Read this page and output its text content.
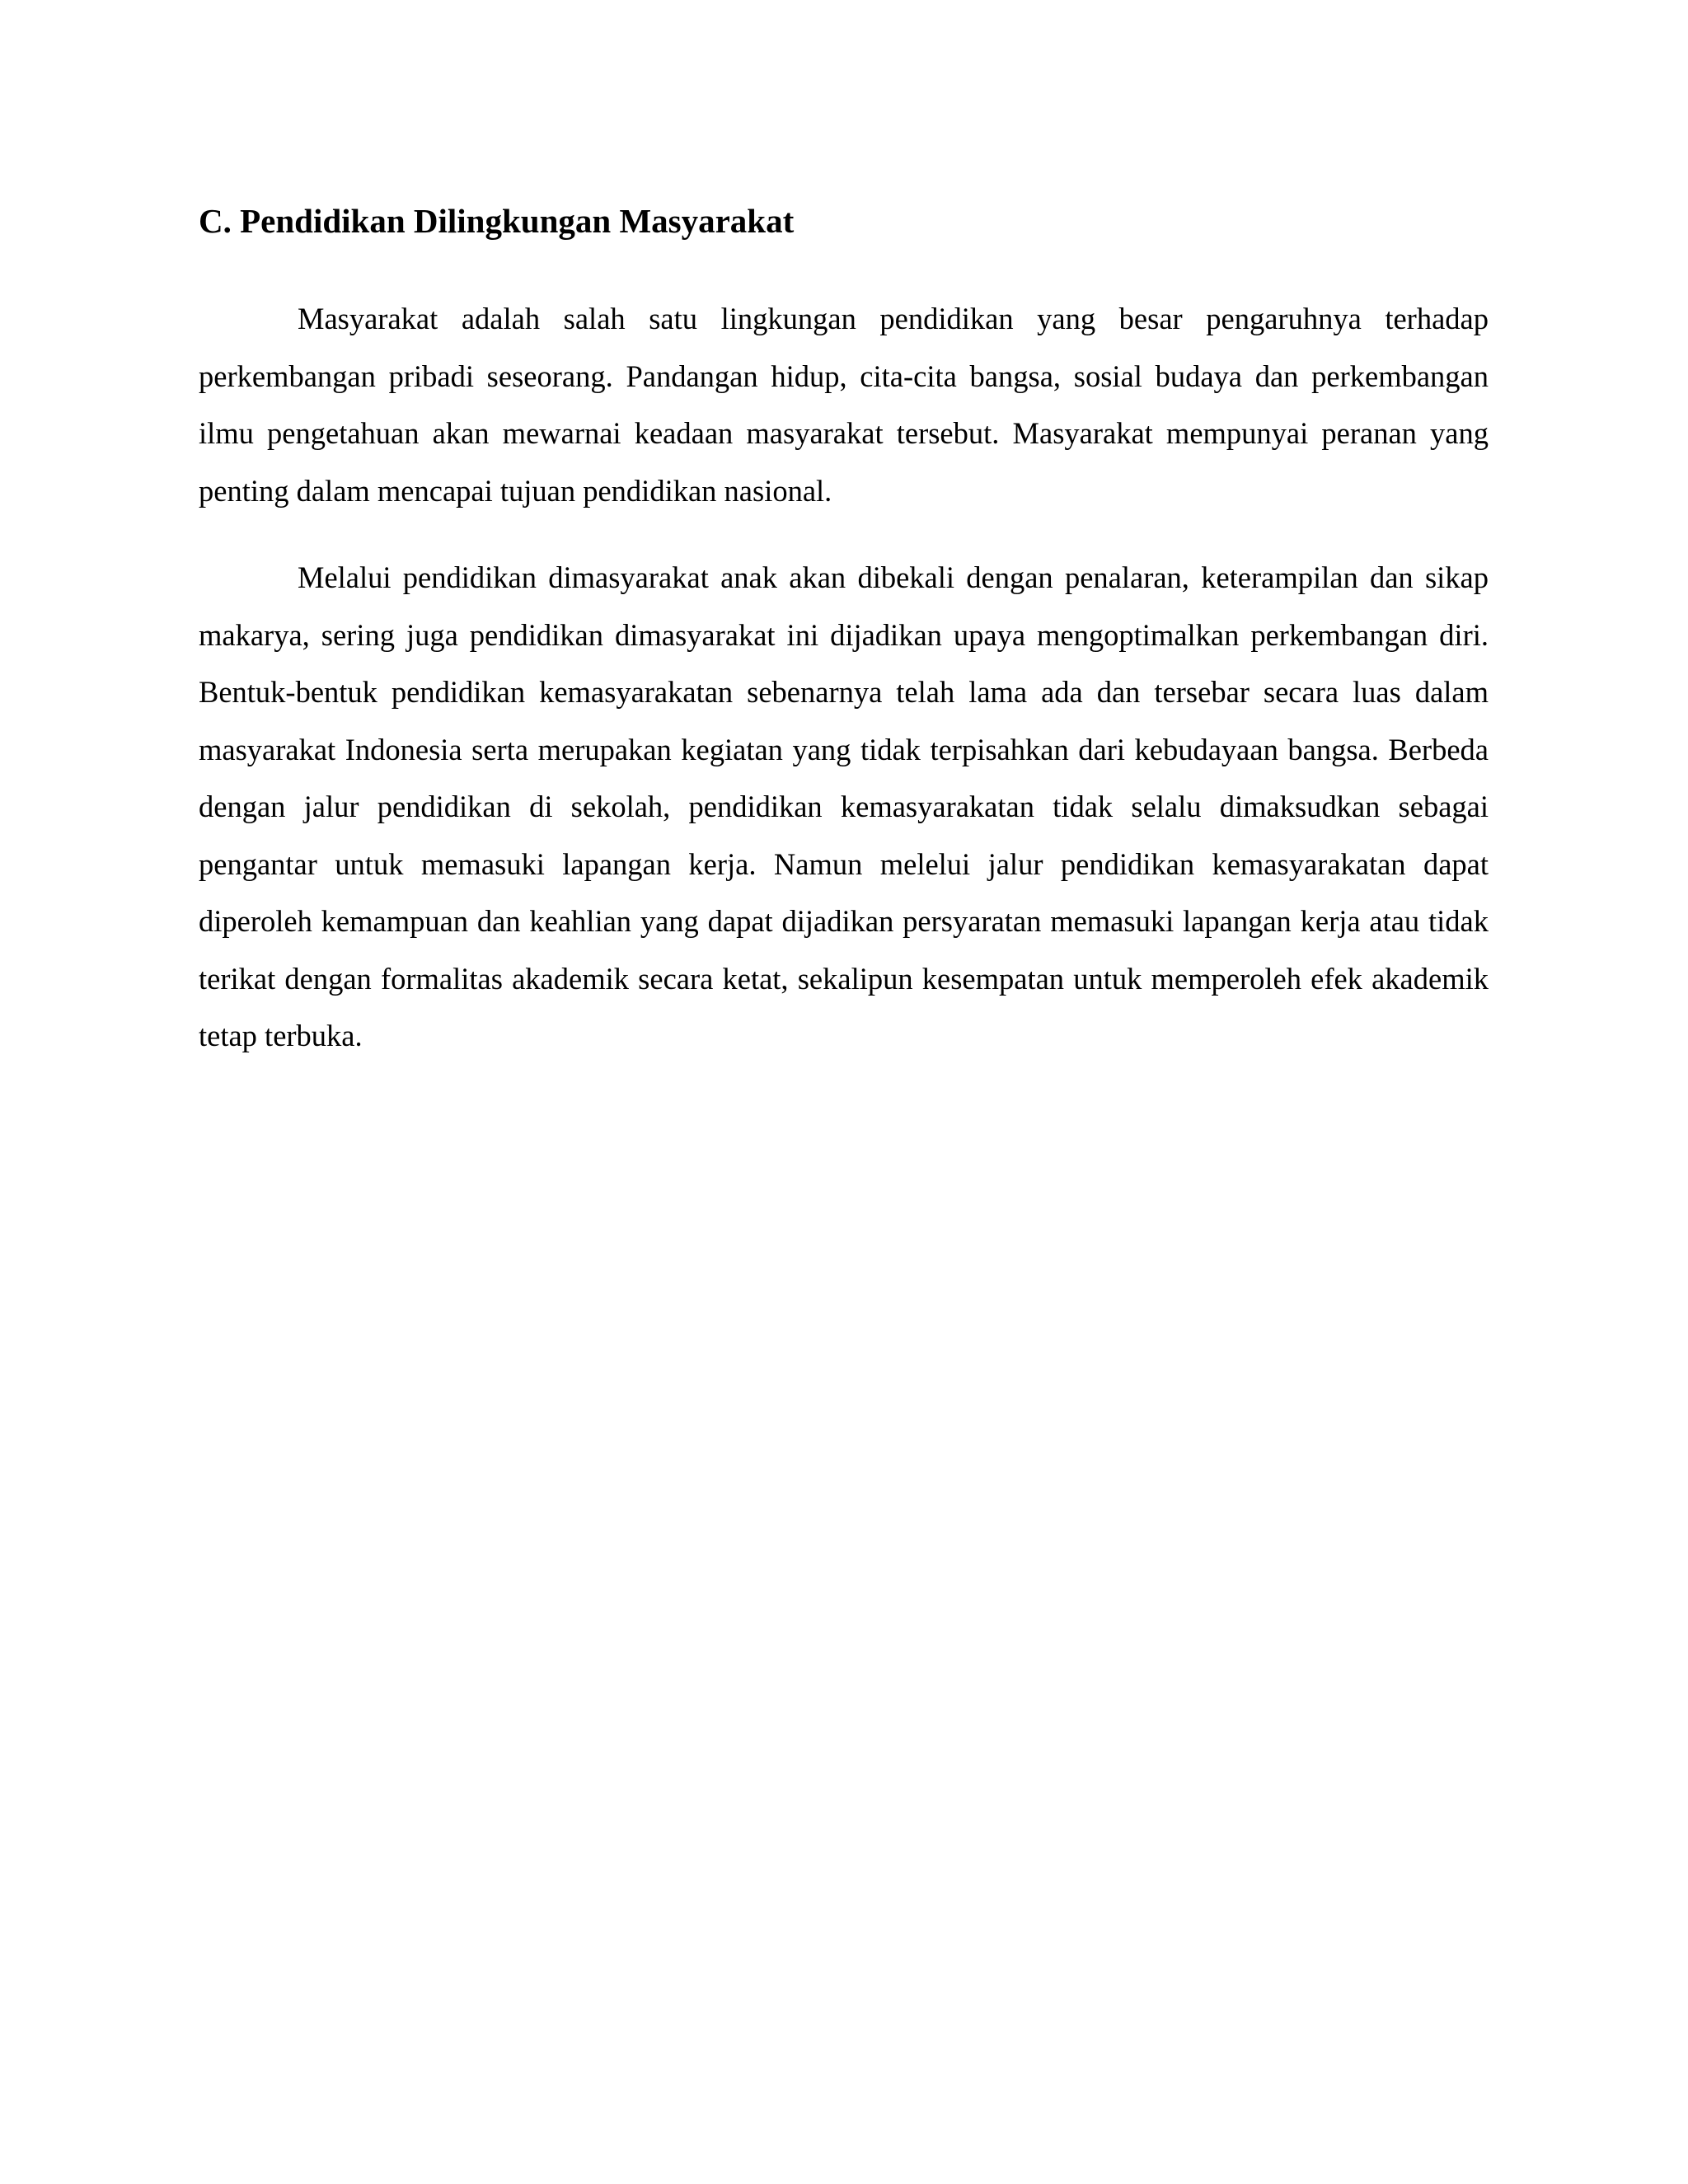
C. Pendidikan Dilingkungan Masyarakat

Masyarakat adalah salah satu lingkungan pendidikan yang besar pengaruhnya terhadap perkembangan pribadi seseorang. Pandangan hidup, cita-cita bangsa, sosial budaya dan perkembangan ilmu pengetahuan akan mewarnai keadaan masyarakat tersebut. Masyarakat mempunyai peranan yang penting dalam mencapai tujuan pendidikan nasional.

Melalui pendidikan dimasyarakat anak akan dibekali dengan penalaran, keterampilan dan sikap makarya, sering juga pendidikan dimasyarakat ini dijadikan upaya mengoptimalkan perkembangan diri. Bentuk-bentuk pendidikan kemasyarakatan sebenarnya telah lama ada dan tersebar secara luas dalam masyarakat Indonesia serta merupakan kegiatan yang tidak terpisahkan dari kebudayaan bangsa. Berbeda dengan jalur pendidikan di sekolah, pendidikan kemasyarakatan tidak selalu dimaksudkan sebagai pengantar untuk memasuki lapangan kerja. Namun melelui jalur pendidikan kemasyarakatan dapat diperoleh kemampuan dan keahlian yang dapat dijadikan persyaratan memasuki lapangan kerja atau tidak terikat dengan formalitas akademik secara ketat, sekalipun kesempatan untuk memperoleh efek akademik tetap terbuka.
